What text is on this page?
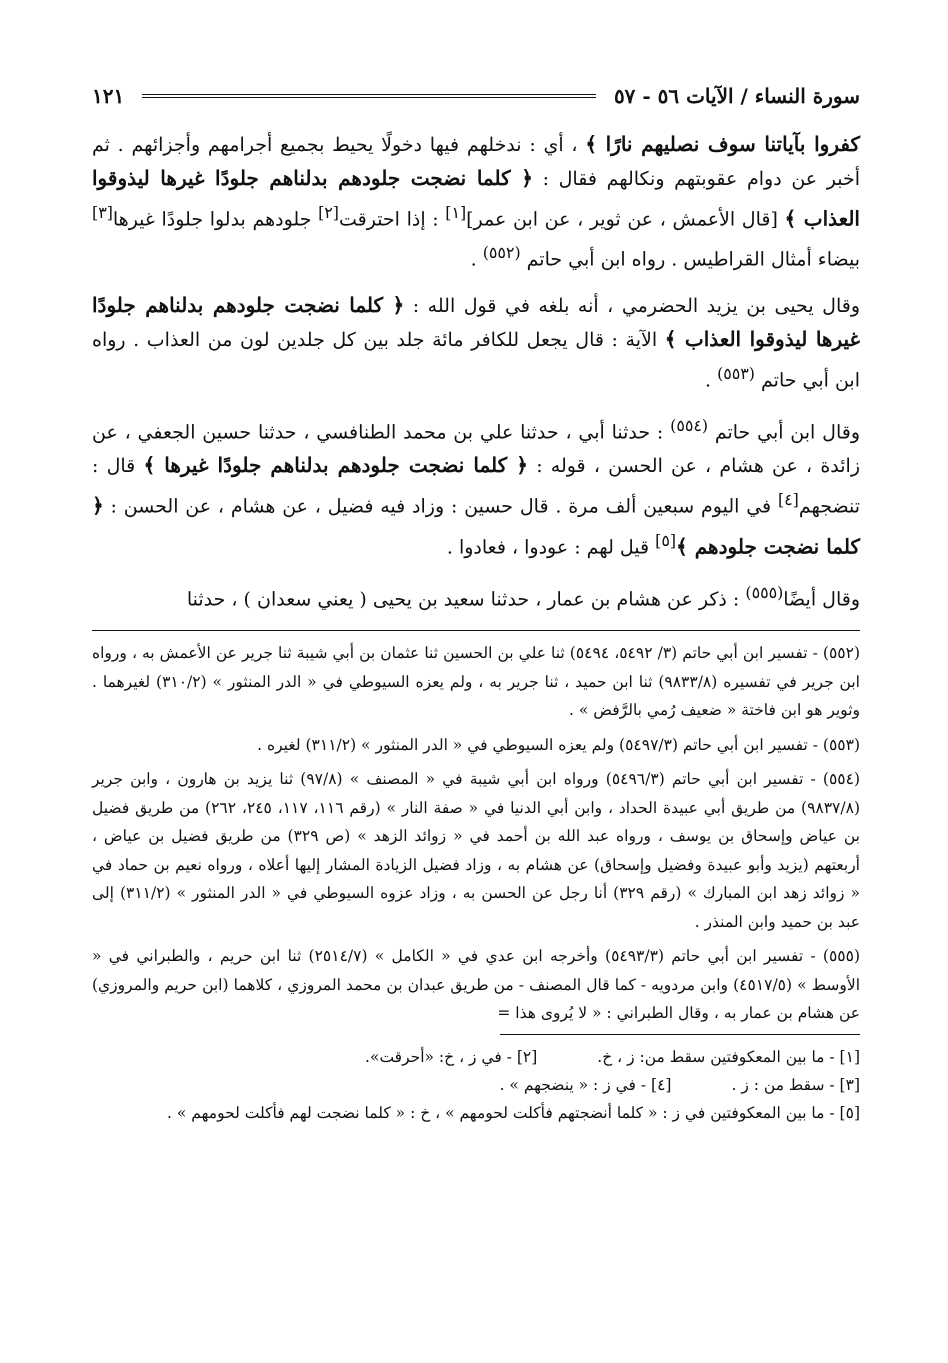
سورة النساء / الآيات ٥٦ - ٥٧
١٢١

كفروا بآياتنا سوف نصليهم نارًا ﴾ ، أي : ندخلهم فيها دخولًا يحيط بجميع أجرامهم وأجزائهم . ثم أخبر عن دوام عقوبتهم ونكالهم فقال : ﴿ كلما نضجت جلودهم بدلناهم جلودًا غيرها ليذوقوا العذاب ﴾ [قال الأعمش ، عن ثوير ، عن ابن عمر][١] : إذا احترقت[٢] جلودهم بدلوا جلودًا غيرها[٣] بيضاء أمثال القراطيس . رواه ابن أبي حاتم $^{(٥٥٢)}$ .

وقال يحيى بن يزيد الحضرمي ، أنه بلغه في قول الله : ﴿ كلما نضجت جلودهم بدلناهم جلودًا غيرها ليذوقوا العذاب ﴾ الآية : قال يجعل للكافر مائة جلد بين كل جلدين لون من العذاب . رواه ابن أبي حاتم $^{(٥٥٣)}$ .

وقال ابن أبي حاتم $^{(٥٥٤)}$ : حدثنا أبي ، حدثنا علي بن محمد الطنافسي ، حدثنا حسين الجعفي ، عن زائدة ، عن هشام ، عن الحسن ، قوله : ﴿ كلما نضجت جلودهم بدلناهم جلودًا غيرها ﴾ قال : تنضجهم[٤] في اليوم سبعين ألف مرة . قال حسين : وزاد فيه فضيل ، عن هشام ، عن الحسن : ﴿ كلما نضجت جلودهم ﴾[٥] قيل لهم : عودوا ، فعادوا .

وقال أيضًا$^{(٥٥٥)}$ : ذكر عن هشام بن عمار ، حدثنا سعيد بن يحيى ( يعني سعدان ) ، حدثنا

(٥٥٢) - تفسير ابن أبي حاتم (٣/ ٥٤٩٢، ٥٤٩٤) ثنا علي بن الحسين ثنا عثمان بن أبي شيبة ثنا جرير عن الأعمش به ، ورواه ابن جرير في تفسيره (٩٨٣٣/٨) ثنا ابن حميد ، ثنا جرير به ، ولم يعزه السيوطي في « الدر المنثور » (٣١٠/٢) لغيرهما . وثوير هو ابن فاختة « ضعيف رُمي بالرَّفض » .

(٥٥٣) - تفسير ابن أبي حاتم (٥٤٩٧/٣) ولم يعزه السيوطي في « الدر المنثور » (٣١١/٢) لغيره .

(٥٥٤) - تفسير ابن أبي حاتم (٥٤٩٦/٣) ورواه ابن أبي شيبة في « المصنف » (٩٧/٨) ثنا يزيد بن هارون ، وابن جرير (٩٨٣٧/٨) من طريق أبي عبيدة الحداد ، وابن أبي الدنيا في « صفة النار » (رقم ١١٦، ١١٧، ٢٤٥، ٢٦٢) من طريق فضيل بن عياض وإسحاق بن يوسف ، ورواه عبد الله بن أحمد في « زوائد الزهد » (ص ٣٢٩) من طريق فضيل بن عياض ، أربعتهم (يزيد وأبو عبيدة وفضيل وإسحاق) عن هشام به ، وزاد فضيل الزيادة المشار إليها أعلاه ، ورواه نعيم بن حماد في « زوائد زهد ابن المبارك » (رقم ٣٢٩) أنا رجل عن الحسن به ، وزاد عزوه السيوطي في « الدر المنثور » (٣١١/٢) إلى عبد بن حميد وابن المنذر .

(٥٥٥) - تفسير ابن أبي حاتم (٥٤٩٣/٣) وأخرجه ابن عدي في « الكامل » (٢٥١٤/٧) ثنا ابن حريم ، والطبراني في « الأوسط » (٤٥١٧/٥) وابن مردويه - كما قال المصنف - من طريق عبدان بن محمد المروزي ، كلاهما (ابن حريم والمروزي) عن هشام بن عمار به ، وقال الطبراني : « لا يُروى هذا =

[١] - ما بين المعكوفتين سقط من: ز ، خ.
[٢] - في ز ، خ: «أحرقت».
[٣] - سقط من : ز .
[٤] - في ز : « ينضجهم » .
[٥] - ما بين المعكوفتين في ز : « كلما أنضجتهم فأكلت لحومهم » ، خ : « كلما نضجت لهم فأكلت لحومهم » .
